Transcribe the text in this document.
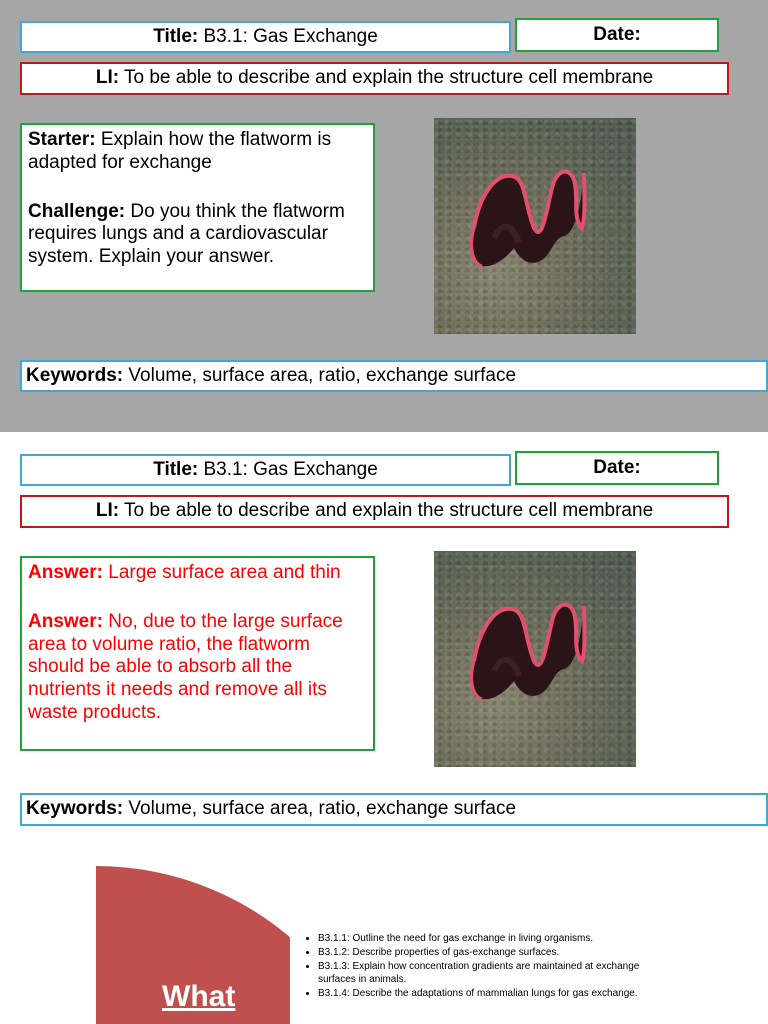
Title: B3.1: Gas Exchange	Date:
LI: To be able to describe and explain the structure cell membrane

Starter: Explain how the flatworm is adapted for exchange

Challenge: Do you think the flatworm requires lungs and a cardiovascular system. Explain your answer.

Keywords: Volume, surface area, ratio, exchange surface
Title: B3.1: Gas Exchange	Date:
LI: To be able to describe and explain the structure cell membrane

Answer: Large surface area and thin

Answer: No, due to the large surface area to volume ratio, the flatworm should be able to absorb all the nutrients it needs and remove all its waste products.

Keywords: Volume, surface area, ratio, exchange surface
What
• B3.1.1: Outline the need for gas exchange in living organisms.
• B3.1.2: Describe properties of gas-exchange surfaces.
• B3.1.3: Explain how concentration gradients are maintained at exchange surfaces in animals.
• B3.1.4: Describe the adaptations of mammalian lungs for gas exchange.
